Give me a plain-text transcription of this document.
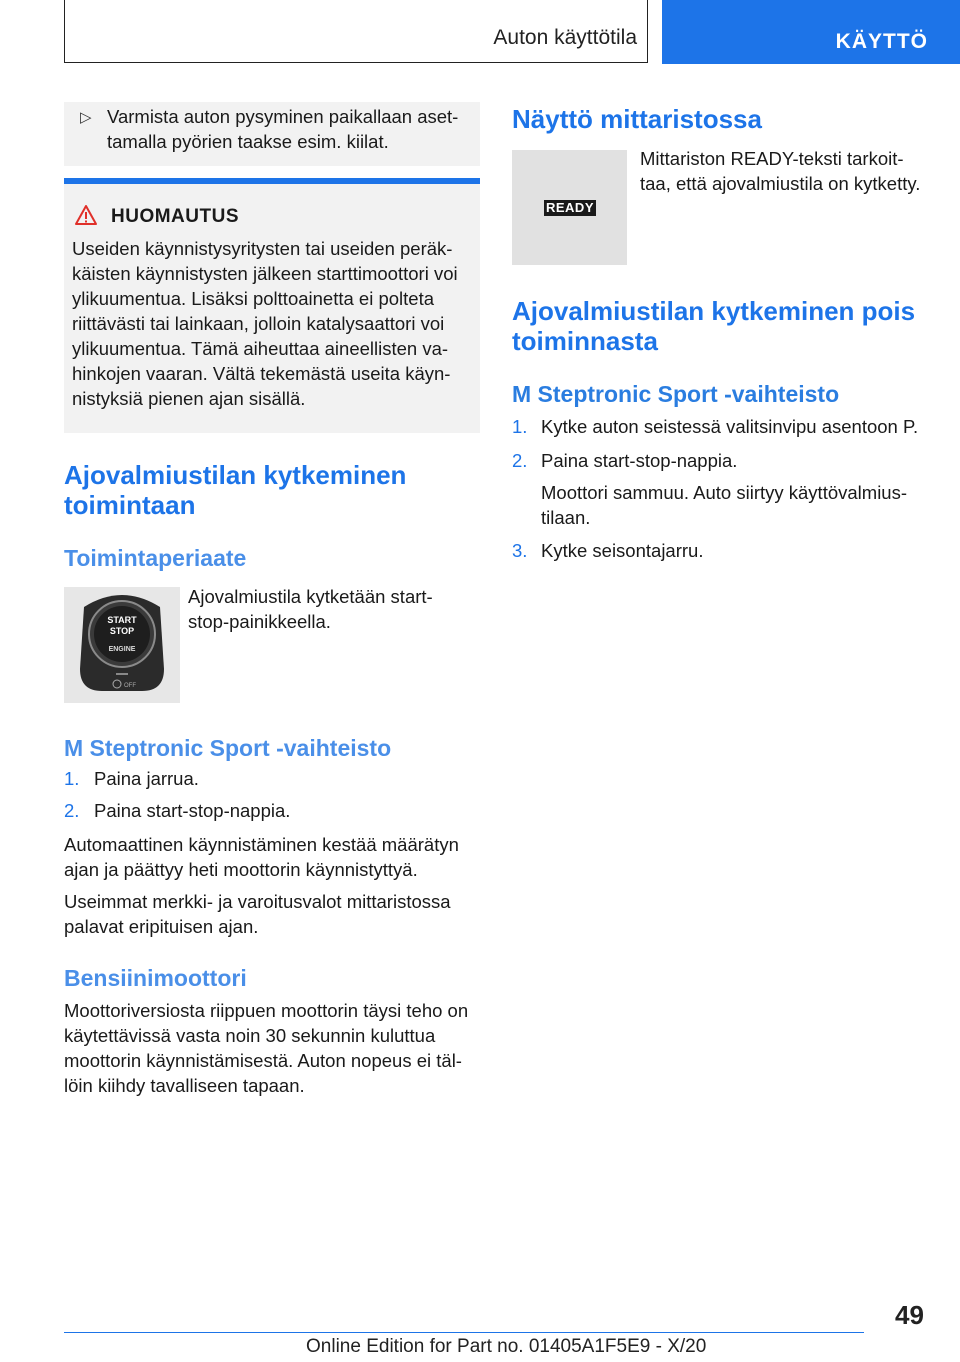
Auton käyttötila	KÄYTTÖ
▷ Varmista auton pysyminen paikallaan aset-tamalla pyörien taakse esim. kiilat.
HUOMAUTUS
Useiden käynnistysyritysten tai useiden peräk-käisten käynnistysten jälkeen starttimoottori voi ylikuumentua. Lisäksi polttoainetta ei polteta riittävästi tai lainkaan, jolloin katalysaattori voi ylikuumentua. Tämä aiheuttaa aineellisten va-hinkojen vaaran. Vältä tekemästä useita käyn-nistyksiä pienen ajan sisällä.
Ajovalmiustilan kytkeminen toimintaan
Toimintaperiaate
START
STOP
ENGINE
OFF
Ajovalmiustila kytketään start-stop-painikkeella.
M Steptronic Sport -vaihteisto
1. Paina jarrua.
2. Paina start-stop-nappia.
Automaattinen käynnistäminen kestää määrätyn ajan ja päättyy heti moottorin käynnistyttyä.
Useimmat merkki- ja varoitusvalot mittaristossa palavat eripituisen ajan.
Bensiinimoottori
Moottoriversiosta riippuen moottorin täysi teho on käytettävissä vasta noin 30 sekunnin kuluttua moottorin käynnistämisestä. Auton nopeus ei täl-löin kiihdy tavalliseen tapaan.
Näyttö mittaristossa
READY
Mittariston READY-teksti tarkoit-taa, että ajovalmiustila on kytketty.
Ajovalmiustilan kytkeminen pois toiminnasta
M Steptronic Sport -vaihteisto
1. Kytke auton seistessä valitsinvipu asentoon P.
2. Paina start-stop-nappia.
Moottori sammuu. Auto siirtyy käyttövalmius-tilaan.
3. Kytke seisontajarru.
49
Online Edition for Part no. 01405A1F5E9 - X/20
